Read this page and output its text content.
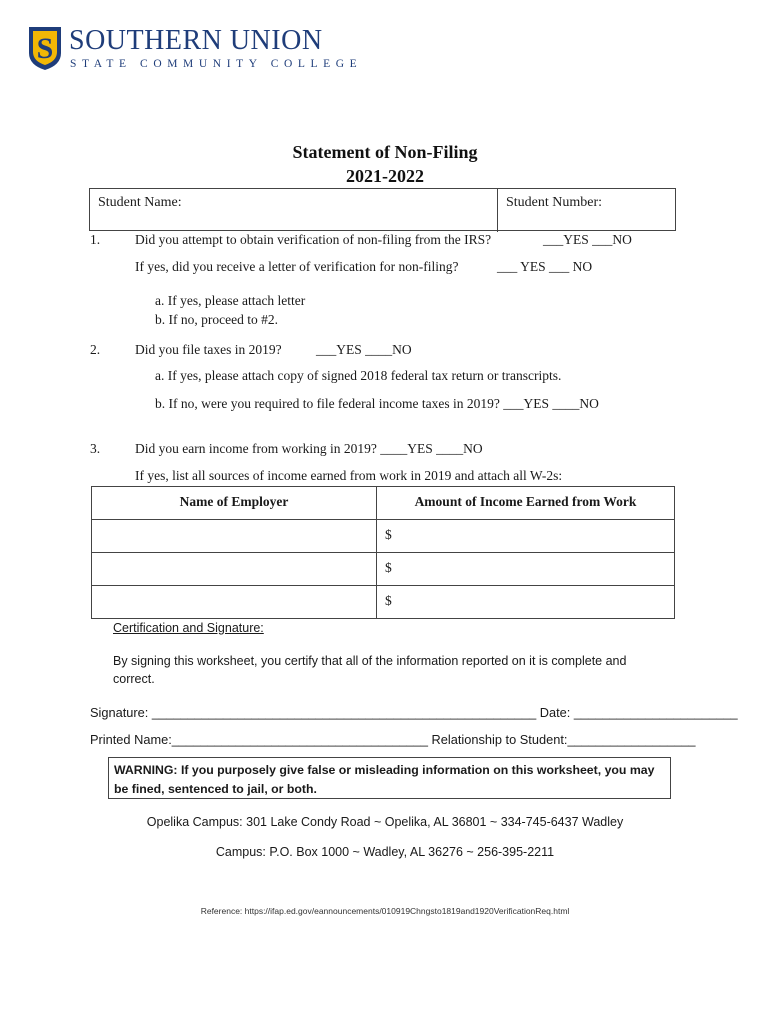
S SOUTHERN UNION
STATE COMMUNITY COLLEGE
Statement of Non-Filing
2021-2022
Student Name:	Student Number:
1.	Did you attempt to obtain verification of non-filing from the IRS?	___YES ___NO
If yes, did you receive a letter of verification for non-filing?	___ YES ___ NO
a. If yes, please attach letter
b. If no, proceed to #2.
2.	Did you file taxes in 2019?	___YES ____NO
a. If yes, please attach copy of signed 2018 federal tax return or transcripts.
b. If no, were you required to file federal income taxes in 2019? ___YES ____NO
3.	Did you earn income from working in 2019? ____YES ____NO
If yes, list all sources of income earned from work in 2019 and attach all W-2s:
Name of Employer	Amount of Income Earned from Work
	$
	$
	$
Certification and Signature:
By signing this worksheet, you certify that all of the information reported on it is complete and
correct.
Signature: ______________________________________________________ Date: _______________________
Printed Name:____________________________________ Relationship to Student:__________________
WARNING: If you purposely give false or misleading information on this worksheet, you may be fined, sentenced to jail, or both.
Opelika Campus: 301 Lake Condy Road ~ Opelika, AL 36801 ~ 334-745-6437 Wadley
Campus: P.O. Box 1000 ~ Wadley, AL 36276 ~ 256-395-2211
Reference: https://ifap.ed.gov/eannouncements/010919Chngsto1819and1920VerificationReq.html
